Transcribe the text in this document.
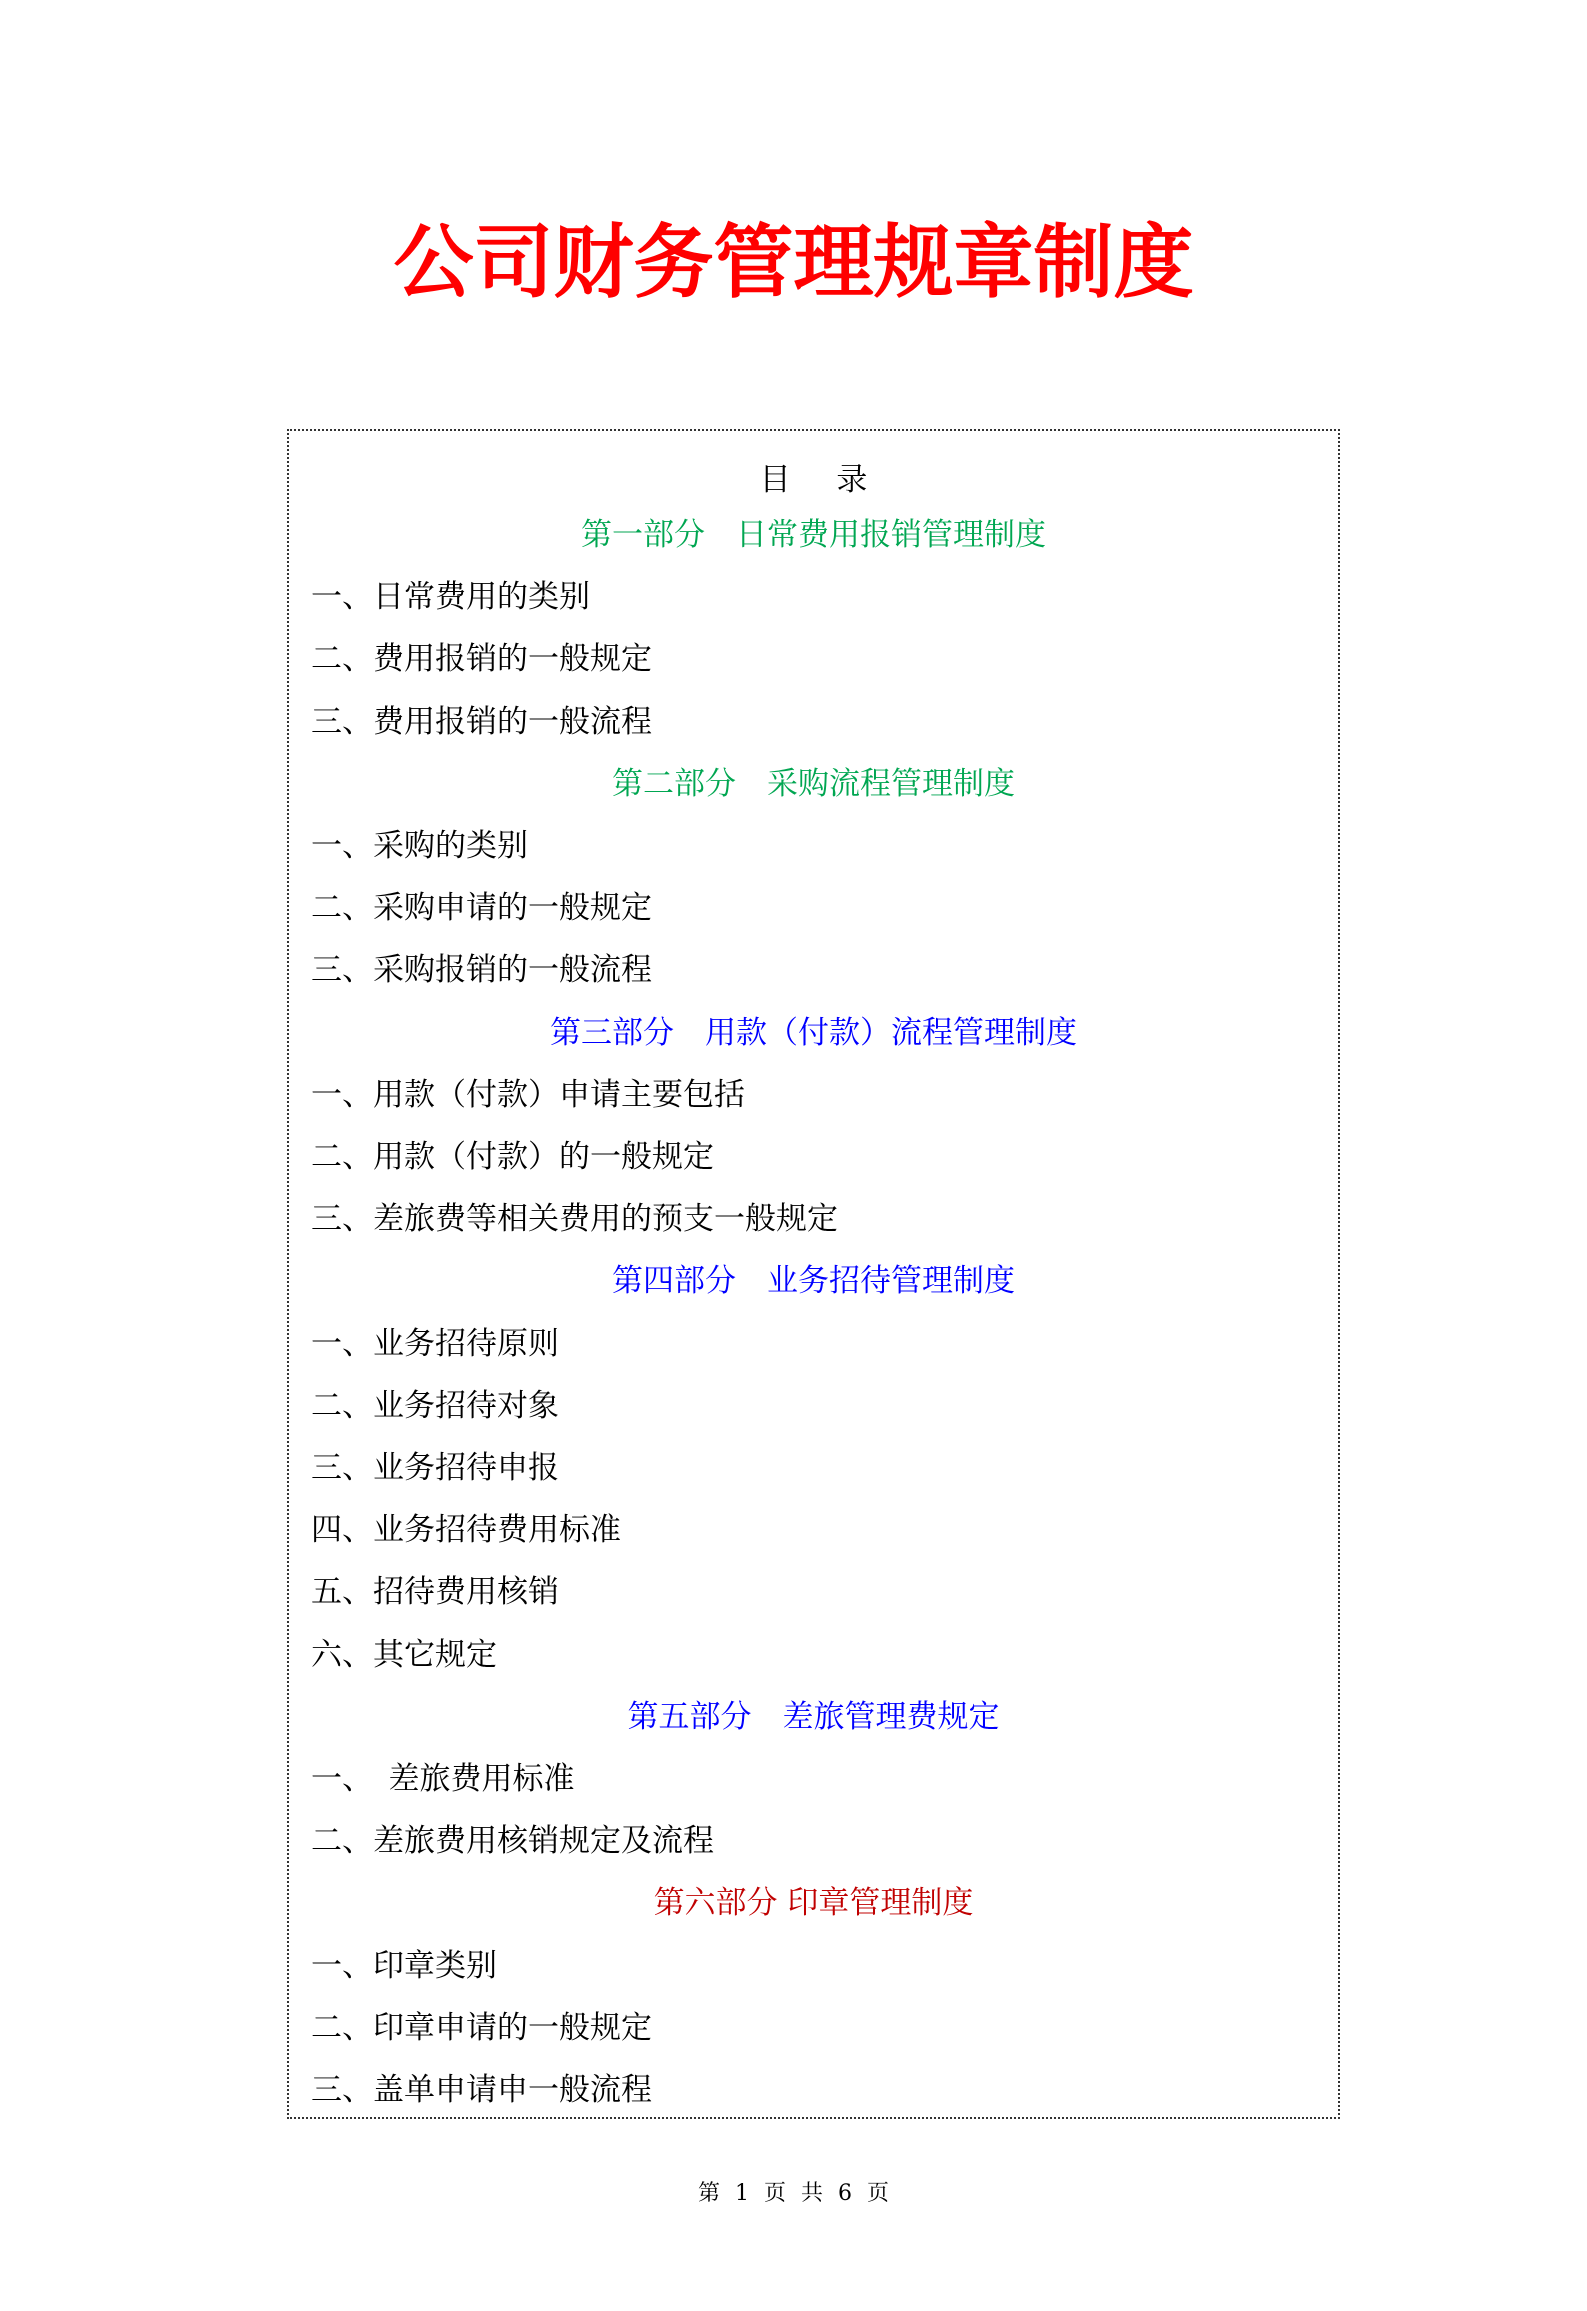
公司财务管理规章制度
目 录
第一部分　日常费用报销管理制度
一、日常费用的类别
二、费用报销的一般规定
三、费用报销的一般流程
第二部分　采购流程管理制度
一、采购的类别
二、采购申请的一般规定
三、采购报销的一般流程
第三部分　用款（付款）流程管理制度
一、用款（付款）申请主要包括
二、用款（付款）的一般规定
三、差旅费等相关费用的预支一般规定
第四部分　业务招待管理制度
一、业务招待原则
二、业务招待对象
三、业务招待申报
四、业务招待费用标准
五、招待费用核销
六、其它规定
第五部分　差旅管理费规定
一、　差旅费用标准
二、差旅费用核销规定及流程
第六部分 印章管理制度
一、印章类别
二、印章申请的一般规定
三、盖单申请申一般流程
第 1 页 共 6 页
